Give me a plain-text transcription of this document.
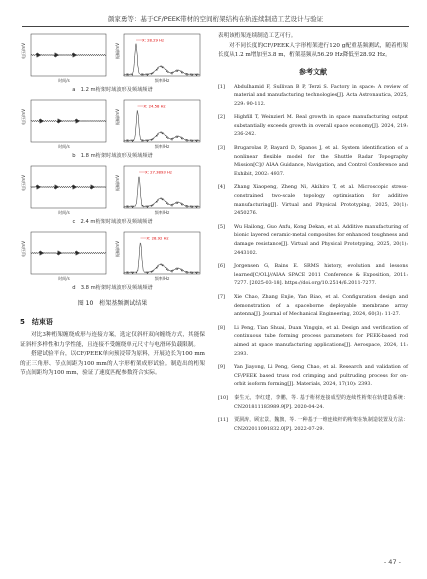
颜家勇等：基于CF/PEEK带材的空间桁架结构在轨连续制造工艺设计与验证
电压/mV
时间/s
X: 28.29 Hz
振幅/mV
频率/Hz
a　1.2 m桁架时域波形及频域频谱
电压/mV
时间/s
X: 24.58 Hz
振幅/mV
频率/Hz
b　1.8 m桁架时域波形及频域频谱
电压/mV
时间/s
X: 27.3893 Hz
振幅/mV
频率/Hz
c　2.4 m桁架时域波形及频域频谱
电压/mV
时间/s
X: 28.92 Hz
振幅/mV
频率/Hz
d　3.8 m桁架时域波形及频域频谱
图 10　桁架基频测试结果
5　结束语

对比3种桁架缠绕成形与连接方案，选定仅斜杆双向缠绕方式，其能保证斜杆多样性和力学性能，且连接不受缠绕单元尺寸与电滑环负载限制。

搭建试验平台，以CF/PEEK单向预浸带为原料，开展边长为100 mm的正三角形、节点间距为100 mm的人字形桁架成形试验。制造出的桁架节点间距均为100 mm，验证了速度匹配参数符合实际。

表明该桁架连续制造工艺可行。

对不同长度的CF/PEEK人字形桁架进行120 g配重基频测试，随着桁架长度从1.2 m增加至3.8 m，桁架基频从56.29 Hz降低至28.92 Hz。

参考文献

[1] Abdulhamid F, Sullivan B P, Terzi S. Factory in space: A review of material and manufacturing technologies[J]. Acta Astronautica, 2025, 229: 90-112.

[2] Highfill T, Weinzierl M. Real growth in space manufacturing output substantially exceeds growth in overall space economy[J]. 2024, 219: 236-242.

[3] Brugarolas P, Bayard D, Spanos J, et al. System identification of a nonlinear flexible model for the Shuttle Radar Topography Mission[C]// AIAA Guidance, Navigation, and Control Conference and Exhibit, 2002: 4937.

[4] Zhang Xiaopeng, Zheng Ni, Akihiro T, et al. Microscopic stress-constrained two-scale topology optimisation for additive manufacturing[J]. Virtual and Physical Prototyping, 2025, 20(1): 2450276.

[5] Wu Hailong, Guo Anfu, Kong Dekan, et al. Additive manufacturing of bionic layered ceramic-metal composites for enhanced toughness and damage resistance[J]. Virtual and Physical Prototyping, 2025, 20(1): 2443102.

[6] Jorgensen G, Bains E. SRMS history, evolution and lessons learned[C/OL]//AIAA SPACE 2011 Conference & Exposition, 2011: 7277. [2025-03-18]. https://doi.org/10.2514/6.2011-7277.

[7] Xie Chao, Zhang Enjie, Yan Biao, et al. Configuration design and demonstration of a spaceborne deployable membrane array antenna[J]. Journal of Mechanical Engineering, 2024, 60(3): 11-27.

[8] Li Peng, Tian Shuai, Duan Yingqin, et al. Design and verification of continuous tube forming process parameters for PEEK-based rod aimed at space manufacturing applications[J]. Aerospace, 2024, 11: 2393.

[9] Yan Jiayong, Li Peng, Geng Chao, et al. Research and validation of CF/PEEK based truss rod crimping and pultruding process for on-orbit isoform forming[J]. Materials, 2024, 17(10): 2393.

[10] 秦生元，李红建，李鹏，等. 基于桁材连接成型的连续性桁架在轨建造系统：CN201811183989.9[P]. 2020-04-24.

[11] 贾洞涛，顾宏景，魏旗，等. 一种基于一维连续杆的桁架在轨制造装置及方法：CN202011091832.0[P]. 2022-07-29.

- 47 -
